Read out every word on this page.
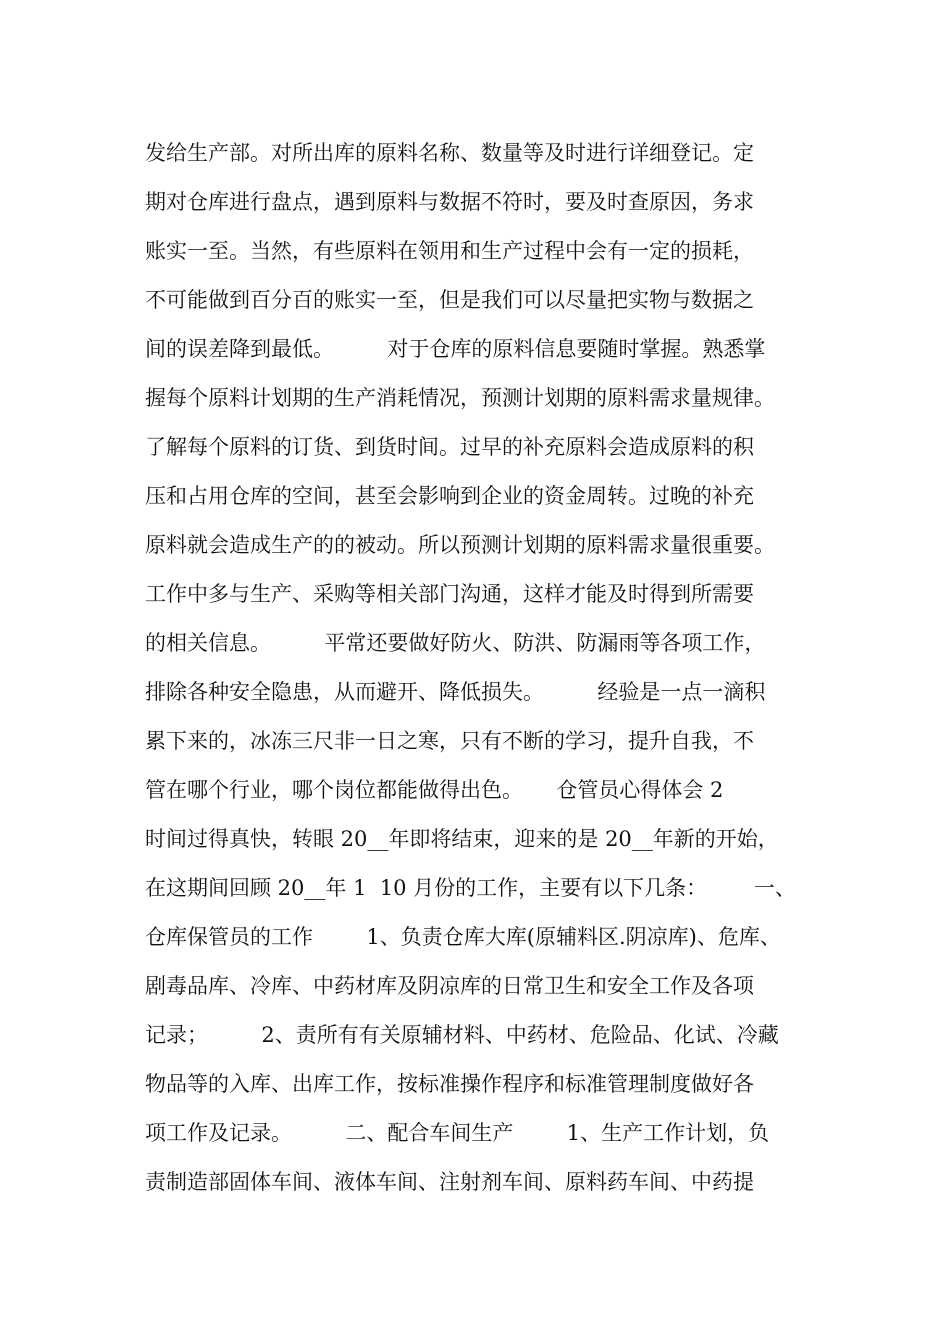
发给生产部。对所出库的原料名称、数量等及时进行详细登记。定
期对仓库进行盘点，遇到原料与数据不符时，要及时查原因，务求
账实一至。当然，有些原料在领用和生产过程中会有一定的损耗，
不可能做到百分百的账实一至，但是我们可以尽量把实物与数据之
间的误差降到最低。        对于仓库的原料信息要随时掌握。熟悉掌
握每个原料计划期的生产消耗情况，预测计划期的原料需求量规律。
了解每个原料的订货、到货时间。过早的补充原料会造成原料的积
压和占用仓库的空间，甚至会影响到企业的资金周转。过晚的补充
原料就会造成生产的的被动。所以预测计划期的原料需求量很重要。
工作中多与生产、采购等相关部门沟通，这样才能及时得到所需要
的相关信息。        平常还要做好防火、防洪、防漏雨等各项工作，
排除各种安全隐患，从而避开、降低损失。        经验是一点一滴积
累下来的，冰冻三尺非一日之寒，只有不断的学习，提升自我，不
管在哪个行业，哪个岗位都能做得出色。     仓管员心得体会 2
时间过得真快，转眼 20__年即将结束，迎来的是 20__年新的开始，
在这期间回顾 20__年 1  10 月份的工作，主要有以下几条：       一、
仓库保管员的工作        1、负责仓库大库(原辅料区.阴凉库)、危库、
剧毒品库、冷库、中药材库及阴凉库的日常卫生和安全工作及各项
记录；        2、责所有有关原辅材料、中药材、危险品、化试、冷藏
物品等的入库、出库工作，按标准操作程序和标准管理制度做好各
项工作及记录。        二、配合车间生产        1、生产工作计划，负
责制造部固体车间、液体车间、注射剂车间、原料药车间、中药提
